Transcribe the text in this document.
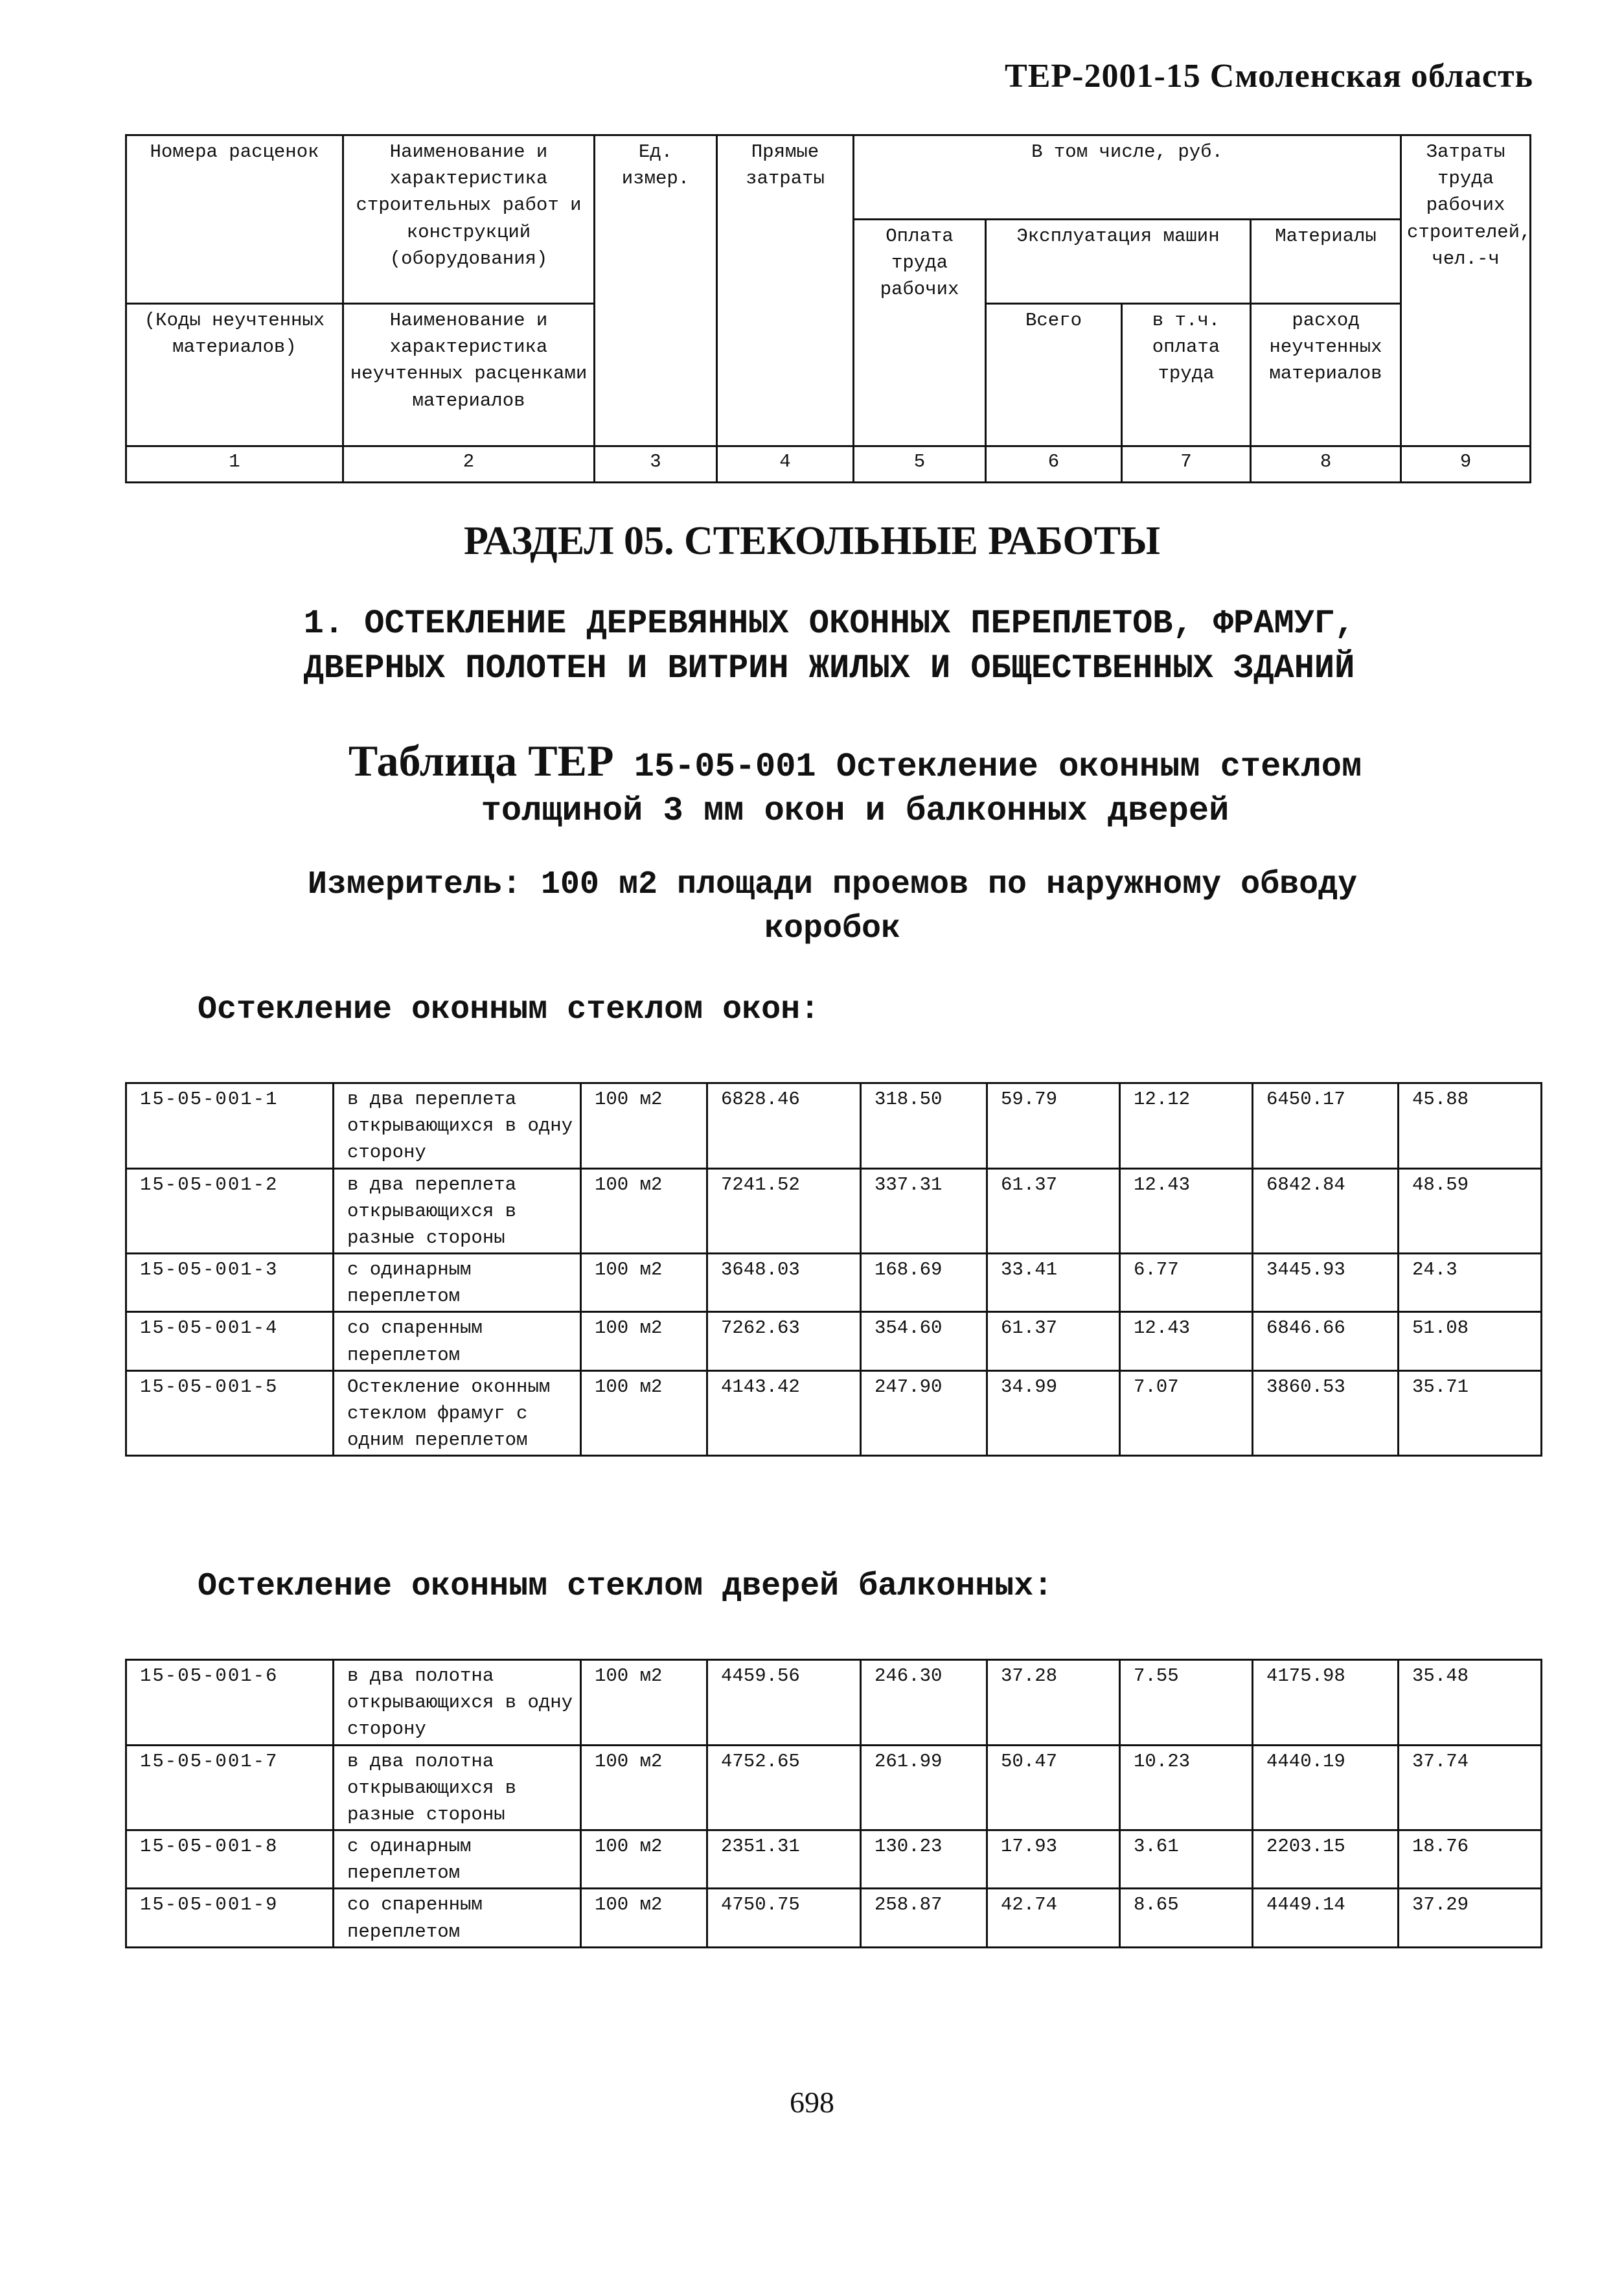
ТЕР-2001-15 Смоленская область
Номера расценок	Наименование и характеристика строительных работ и конструкций (оборудования)	Ед. измер.	Прямые затраты	В том числе, руб.				Затраты труда рабочих строителей, чел.-ч
				Оплата труда рабочих	Эксплуатация машин		Материалы	
(Коды неучтенных материалов)	Наименование и характеристика неучтенных расценками материалов				Всего	в т.ч. оплата труда	расход неучтенных материалов	
1	2	3	4	5	6	7	8	9
РАЗДЕЛ 05. СТЕКОЛЬНЫЕ РАБОТЫ
1. ОСТЕКЛЕНИЕ ДЕРЕВЯННЫХ ОКОННЫХ ПЕРЕПЛЕТОВ, ФРАМУГ,
ДВЕРНЫХ ПОЛОТЕН И ВИТРИН ЖИЛЫХ И ОБЩЕСТВЕННЫХ ЗДАНИЙ
Таблица ТЕР 15-05-001 Остекление оконным стеклом
толщиной 3 мм окон и балконных дверей
Измеритель: 100 м2 площади проемов по наружному обводу
коробок
Остекление оконным стеклом окон:
15-05-001-1	в два переплета открывающихся в одну сторону	100 м2	6828.46	318.50	59.79	12.12	6450.17	45.88
15-05-001-2	в два переплета открывающихся в разные стороны	100 м2	7241.52	337.31	61.37	12.43	6842.84	48.59
15-05-001-3	с одинарным переплетом	100 м2	3648.03	168.69	33.41	6.77	3445.93	24.3
15-05-001-4	со спаренным переплетом	100 м2	7262.63	354.60	61.37	12.43	6846.66	51.08
15-05-001-5	Остекление оконным стеклом фрамуг с одним переплетом	100 м2	4143.42	247.90	34.99	7.07	3860.53	35.71
Остекление оконным стеклом дверей балконных:
15-05-001-6	в два полотна открывающихся в одну сторону	100 м2	4459.56	246.30	37.28	7.55	4175.98	35.48
15-05-001-7	в два полотна открывающихся в разные стороны	100 м2	4752.65	261.99	50.47	10.23	4440.19	37.74
15-05-001-8	с одинарным переплетом	100 м2	2351.31	130.23	17.93	3.61	2203.15	18.76
15-05-001-9	со спаренным переплетом	100 м2	4750.75	258.87	42.74	8.65	4449.14	37.29
698
